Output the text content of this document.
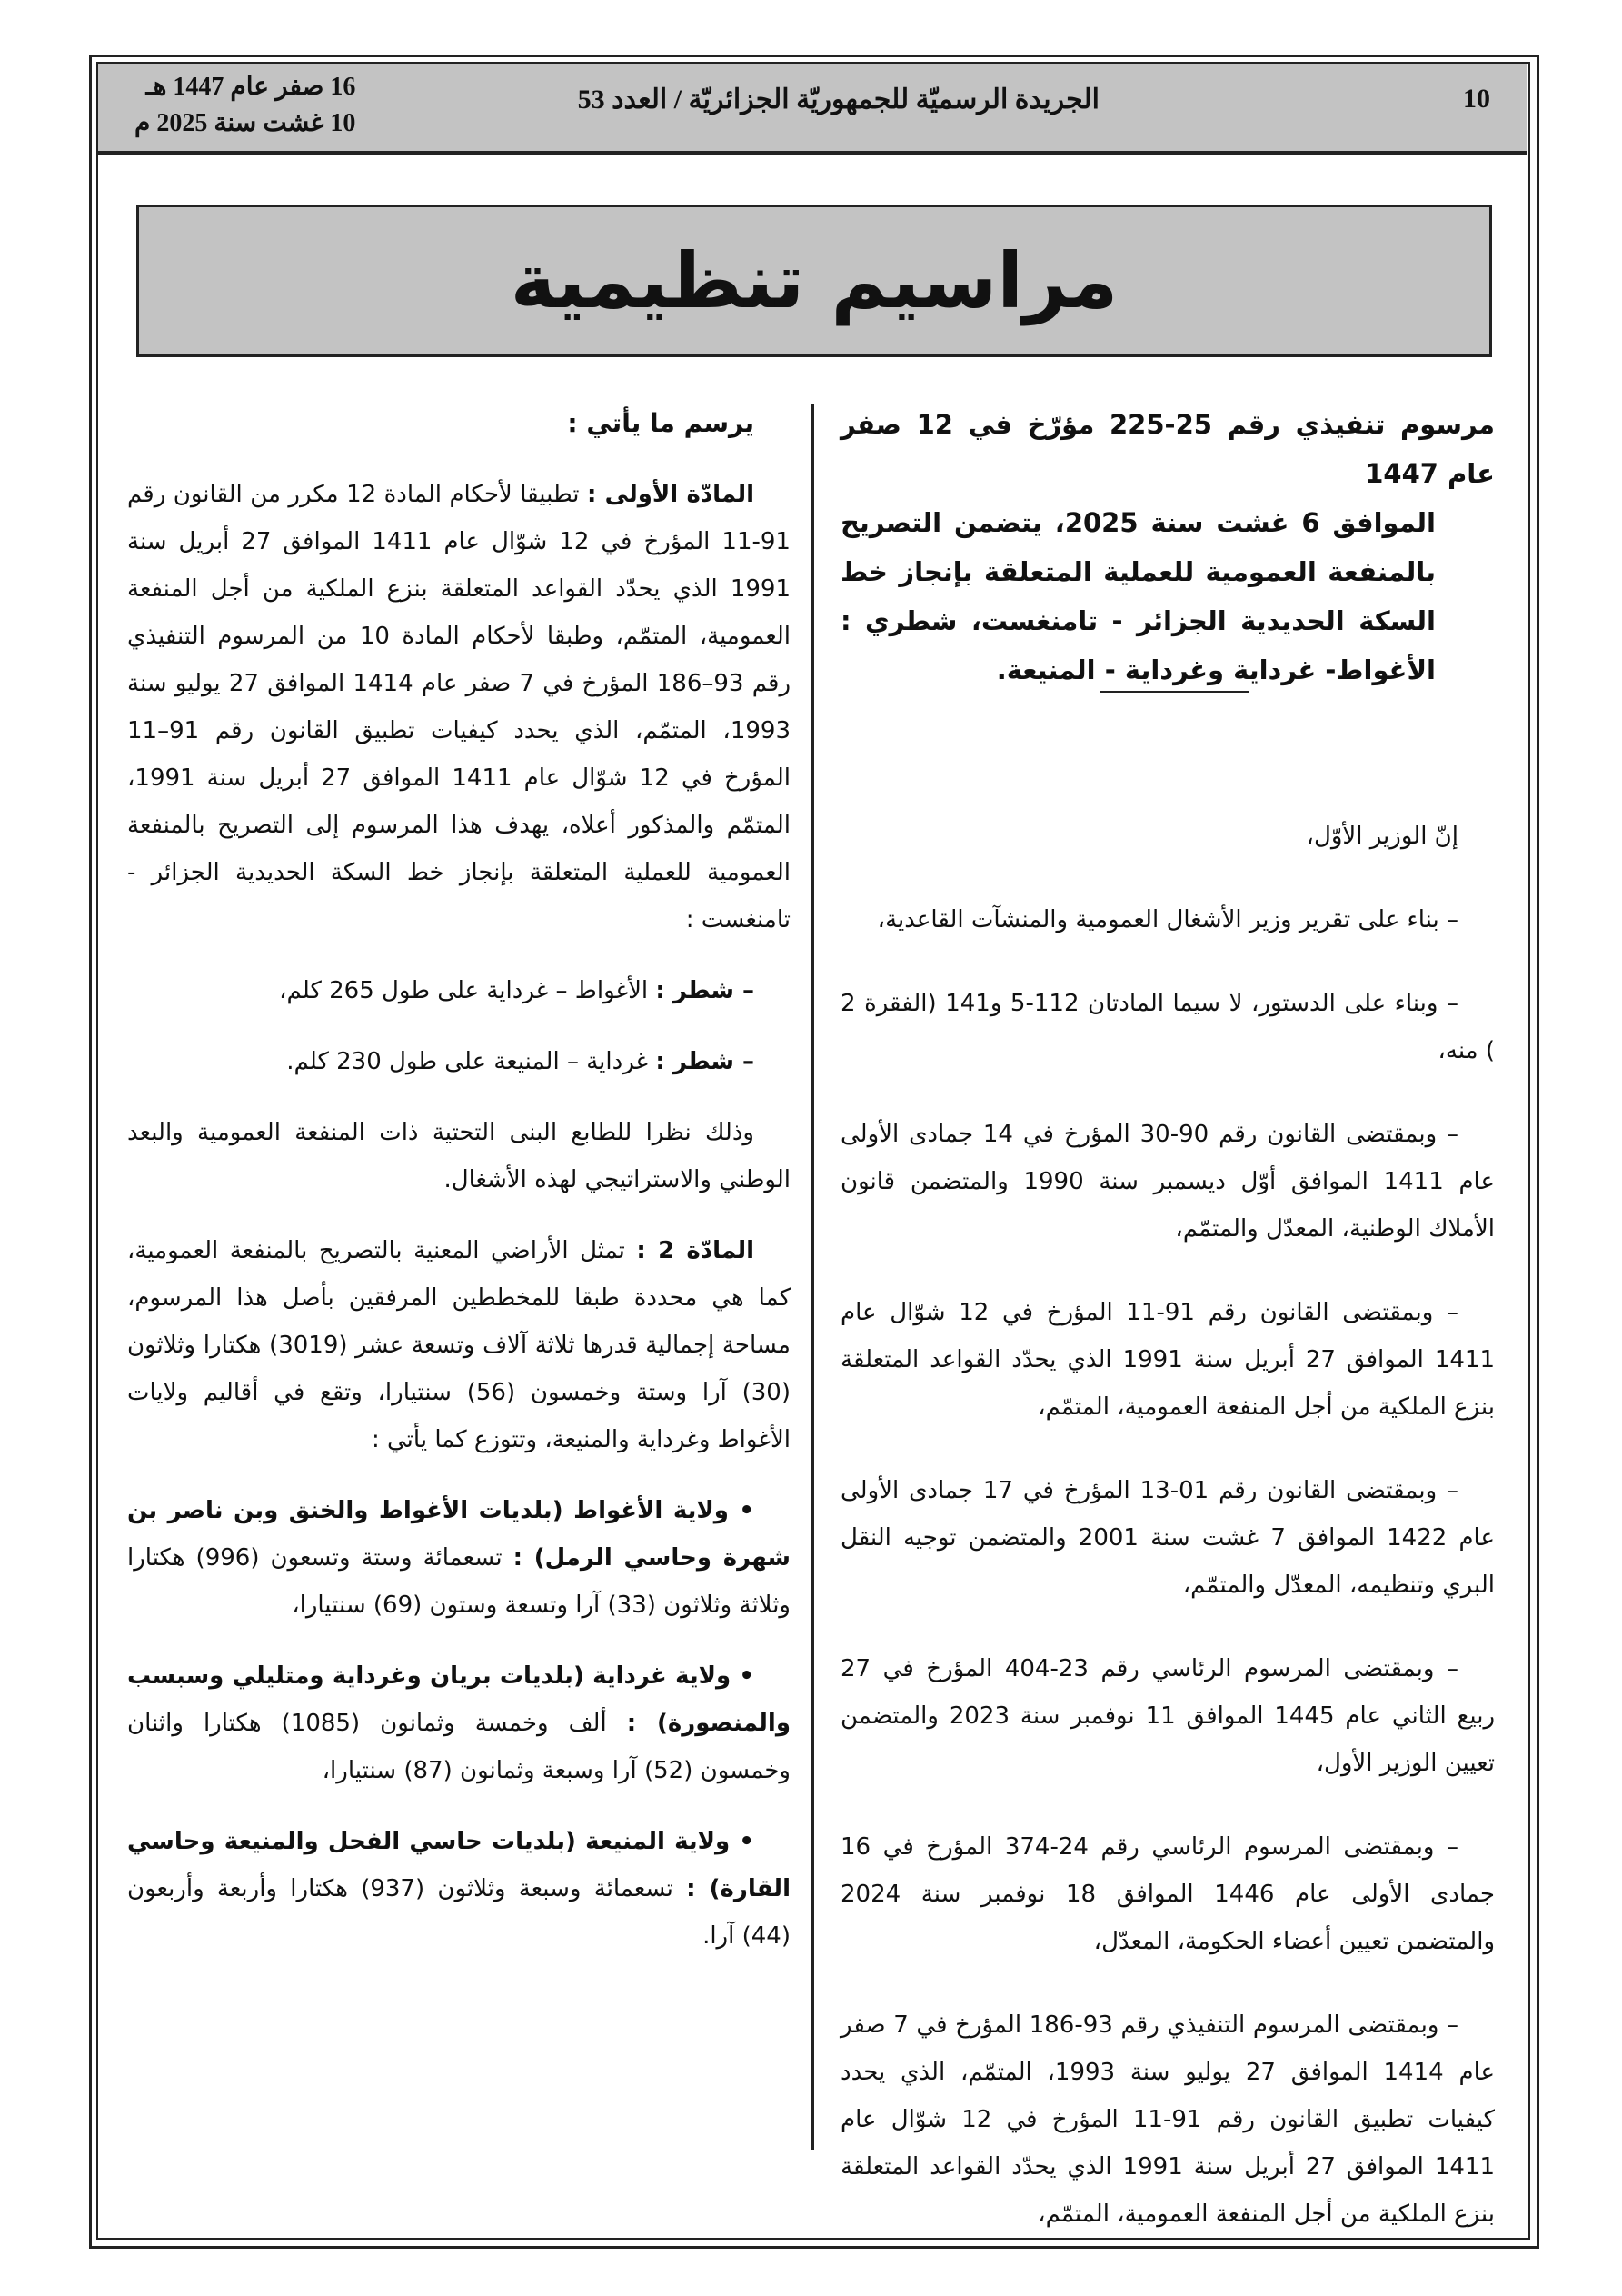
10
الجريدة الرسميّة للجمهوريّة الجزائريّة / العدد 53
16 صفر عام 1447 هـ
10 غشت سنة 2025 م
مراسيم تنظيمية
مرسوم تنفيذي رقم 25-225 مؤرّخ في 12 صفر عام 1447
الموافق 6 غشت سنة 2025، يتضمن التصريح بالمنفعة العمومية للعملية المتعلقة بإنجاز خط السكة الحديدية الجزائر - تامنغست، شطري : الأغواط- غرداية وغرداية - المنيعة.

إنّ الوزير الأوّل،

– بناء على تقرير وزير الأشغال العمومية والمنشآت القاعدية،

– وبناء على الدستور، لا سيما المادتان 112-5 و141 (الفقرة 2 ) منه،

– وبمقتضى القانون رقم 90-30 المؤرخ في 14 جمادى الأولى عام 1411 الموافق أوّل ديسمبر سنة 1990 والمتضمن قانون الأملاك الوطنية، المعدّل والمتمّم،

– وبمقتضى القانون رقم 91-11 المؤرخ في 12 شوّال عام 1411 الموافق 27 أبريل سنة 1991 الذي يحدّد القواعد المتعلقة بنزع الملكية من أجل المنفعة العمومية، المتمّم،

– وبمقتضى القانون رقم 01-13 المؤرخ في 17 جمادى الأولى عام 1422 الموافق 7 غشت سنة 2001 والمتضمن توجيه النقل البري وتنظيمه، المعدّل والمتمّم،

– وبمقتضى المرسوم الرئاسي رقم 23-404 المؤرخ في 27 ربيع الثاني عام 1445 الموافق 11 نوفمبر سنة 2023 والمتضمن تعيين الوزير الأول،

– وبمقتضى المرسوم الرئاسي رقم 24-374 المؤرخ في 16 جمادى الأولى عام 1446 الموافق 18 نوفمبر سنة 2024 والمتضمن تعيين أعضاء الحكومة، المعدّل،

– وبمقتضى المرسوم التنفيذي رقم 93-186 المؤرخ في 7 صفر عام 1414 الموافق 27 يوليو سنة 1993، المتمّم، الذي يحدد كيفيات تطبيق القانون رقم 91-11 المؤرخ في 12 شوّال عام 1411 الموافق 27 أبريل سنة 1991 الذي يحدّد القواعد المتعلقة بنزع الملكية من أجل المنفعة العمومية، المتمّم،

يرسم ما يأتي :

المادّة الأولى : تطبيقا لأحكام المادة 12 مكرر من القانون رقم 91-11 المؤرخ في 12 شوّال عام 1411 الموافق 27 أبريل سنة 1991 الذي يحدّد القواعد المتعلقة بنزع الملكية من أجل المنفعة العمومية، المتمّم، وطبقا لأحكام المادة 10 من المرسوم التنفيذي رقم 93–186 المؤرخ في 7 صفر عام 1414 الموافق 27 يوليو سنة 1993، المتمّم، الذي يحدد كيفيات تطبيق القانون رقم 91–11 المؤرخ في 12 شوّال عام 1411 الموافق 27 أبريل سنة 1991، المتمّم والمذكور أعلاه، يهدف هذا المرسوم إلى التصريح بالمنفعة العمومية للعملية المتعلقة بإنجاز خط السكة الحديدية الجزائر - تامنغست :

– شطر : الأغواط – غرداية على طول 265 كلم،

– شطر : غرداية – المنيعة على طول 230 كلم.

وذلك نظرا للطابع البنى التحتية ذات المنفعة العمومية والبعد الوطني والاستراتيجي لهذه الأشغال.

المادّة 2 : تمثل الأراضي المعنية بالتصريح بالمنفعة العمومية، كما هي محددة طبقا للمخططين المرفقين بأصل هذا المرسوم، مساحة إجمالية قدرها ثلاثة آلاف وتسعة عشر (3019) هكتارا وثلاثون (30) آرا وستة وخمسون (56) سنتيارا، وتقع في أقاليم ولايات الأغواط وغرداية والمنيعة، وتتوزع كما يأتي :

• ولاية الأغواط (بلديات الأغواط والخنق وبن ناصر بن شهرة وحاسي الرمل) : تسعمائة وستة وتسعون (996) هكتارا وثلاثة وثلاثون (33) آرا وتسعة وستون (69) سنتيارا،

• ولاية غرداية (بلديات بريان وغرداية ومتليلي وسبسب والمنصورة) : ألف وخمسة وثمانون (1085) هكتارا واثنان وخمسون (52) آرا وسبعة وثمانون (87) سنتيارا،

• ولاية المنيعة (بلديات حاسي الفحل والمنيعة وحاسي القارة) : تسعمائة وسبعة وثلاثون (937) هكتارا وأربعة وأربعون (44) آرا.
